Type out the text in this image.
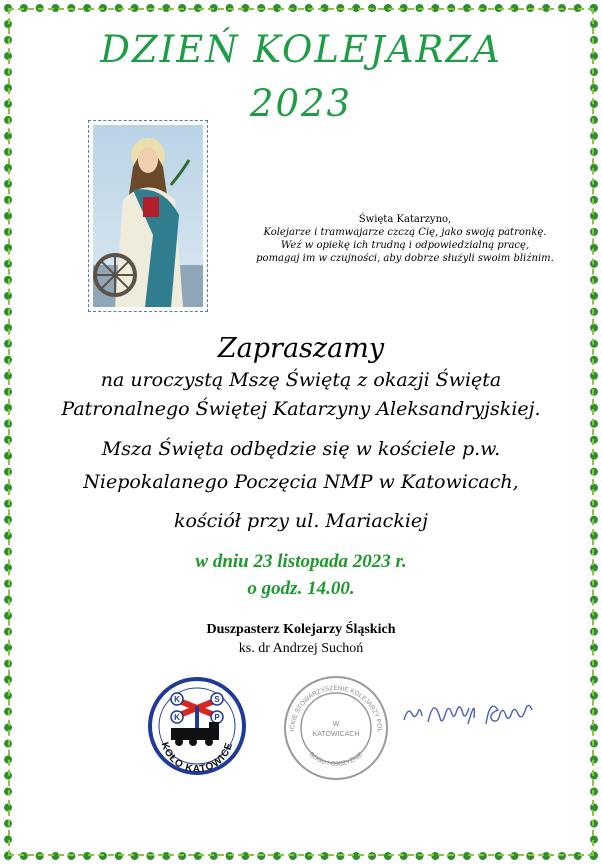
DZIEŃ KOLEJARZA
2023
Święta Katarzyno,
Kolejarze i tramwajarze czczą Cię, jako swoją patronkę.
Weź w opiekę ich trudną i odpowiedzialną pracę,
pomagaj im w czujności, aby dobrze służyli swoim bliźnim.
Zapraszamy
na uroczystą Mszę Świętą z okazji Święta
Patronalnego Świętej Katarzyny Aleksandryjskiej.
Msza Święta odbędzie się w kościele p.w.
Niepokalanego Poczęcia NMP w Katowicach,
kościół przy ul. Mariackiej
w dniu 23 listopada 2023 r.
o godz. 14.00.
Duszpasterz Kolejarzy Śląskich
ks. dr Andrzej Suchoń
K	S
K	P
KOŁO KATOWICE
ICKIE STOWARZYSZENIE KOLEJARZY POL
BOGU I OJCZYŹNIE
W
KATOWICACH
